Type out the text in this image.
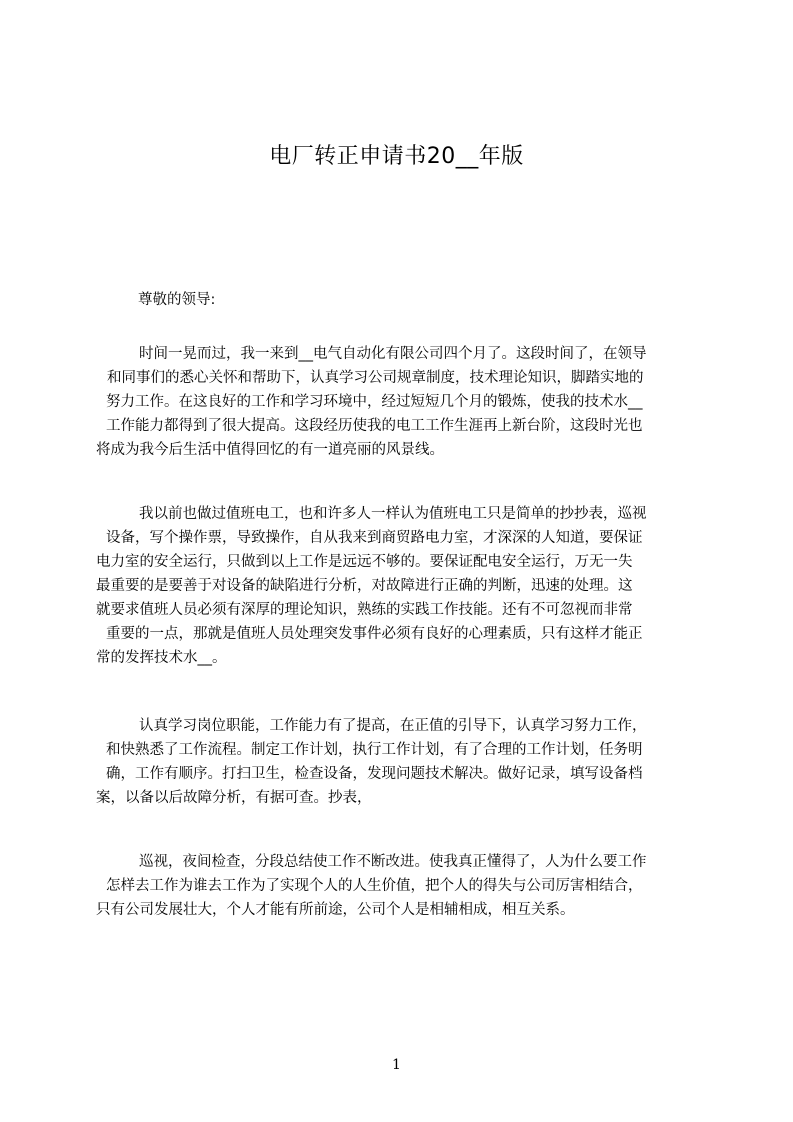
电厂转正申请书20__年版
尊敬的领导:
时间一晃而过，我一来到__电气自动化有限公司四个月了。这段时间了，在领导
和同事们的悉心关怀和帮助下，认真学习公司规章制度，技术理论知识，脚踏实地的
努力工作。在这良好的工作和学习环境中，经过短短几个月的锻炼，使我的技术水__
工作能力都得到了很大提高。这段经历使我的电工工作生涯再上新台阶，这段时光也
将成为我今后生活中值得回忆的有一道亮丽的风景线。
我以前也做过值班电工，也和许多人一样认为值班电工只是简单的抄抄表，巡视
设备，写个操作票，导致操作，自从我来到商贸路电力室，才深深的人知道，要保证
电力室的安全运行，只做到以上工作是远远不够的。要保证配电安全运行，万无一失
最重要的是要善于对设备的缺陷进行分析，对故障进行正确的判断，迅速的处理。这
就要求值班人员必须有深厚的理论知识，熟练的实践工作技能。还有不可忽视而非常
重要的一点，那就是值班人员处理突发事件必须有良好的心理素质，只有这样才能正
常的发挥技术水__。
认真学习岗位职能，工作能力有了提高，在正值的引导下，认真学习努力工作，
和快熟悉了工作流程。制定工作计划，执行工作计划，有了合理的工作计划，任务明
确，工作有顺序。打扫卫生，检查设备，发现问题技术解决。做好记录，填写设备档
案，以备以后故障分析，有据可查。抄表，
巡视，夜间检查，分段总结使工作不断改进。使我真正懂得了，人为什么要工作
怎样去工作为谁去工作为了实现个人的人生价值，把个人的得失与公司厉害相结合，
只有公司发展壮大，个人才能有所前途，公司个人是相辅相成，相互关系。
1
